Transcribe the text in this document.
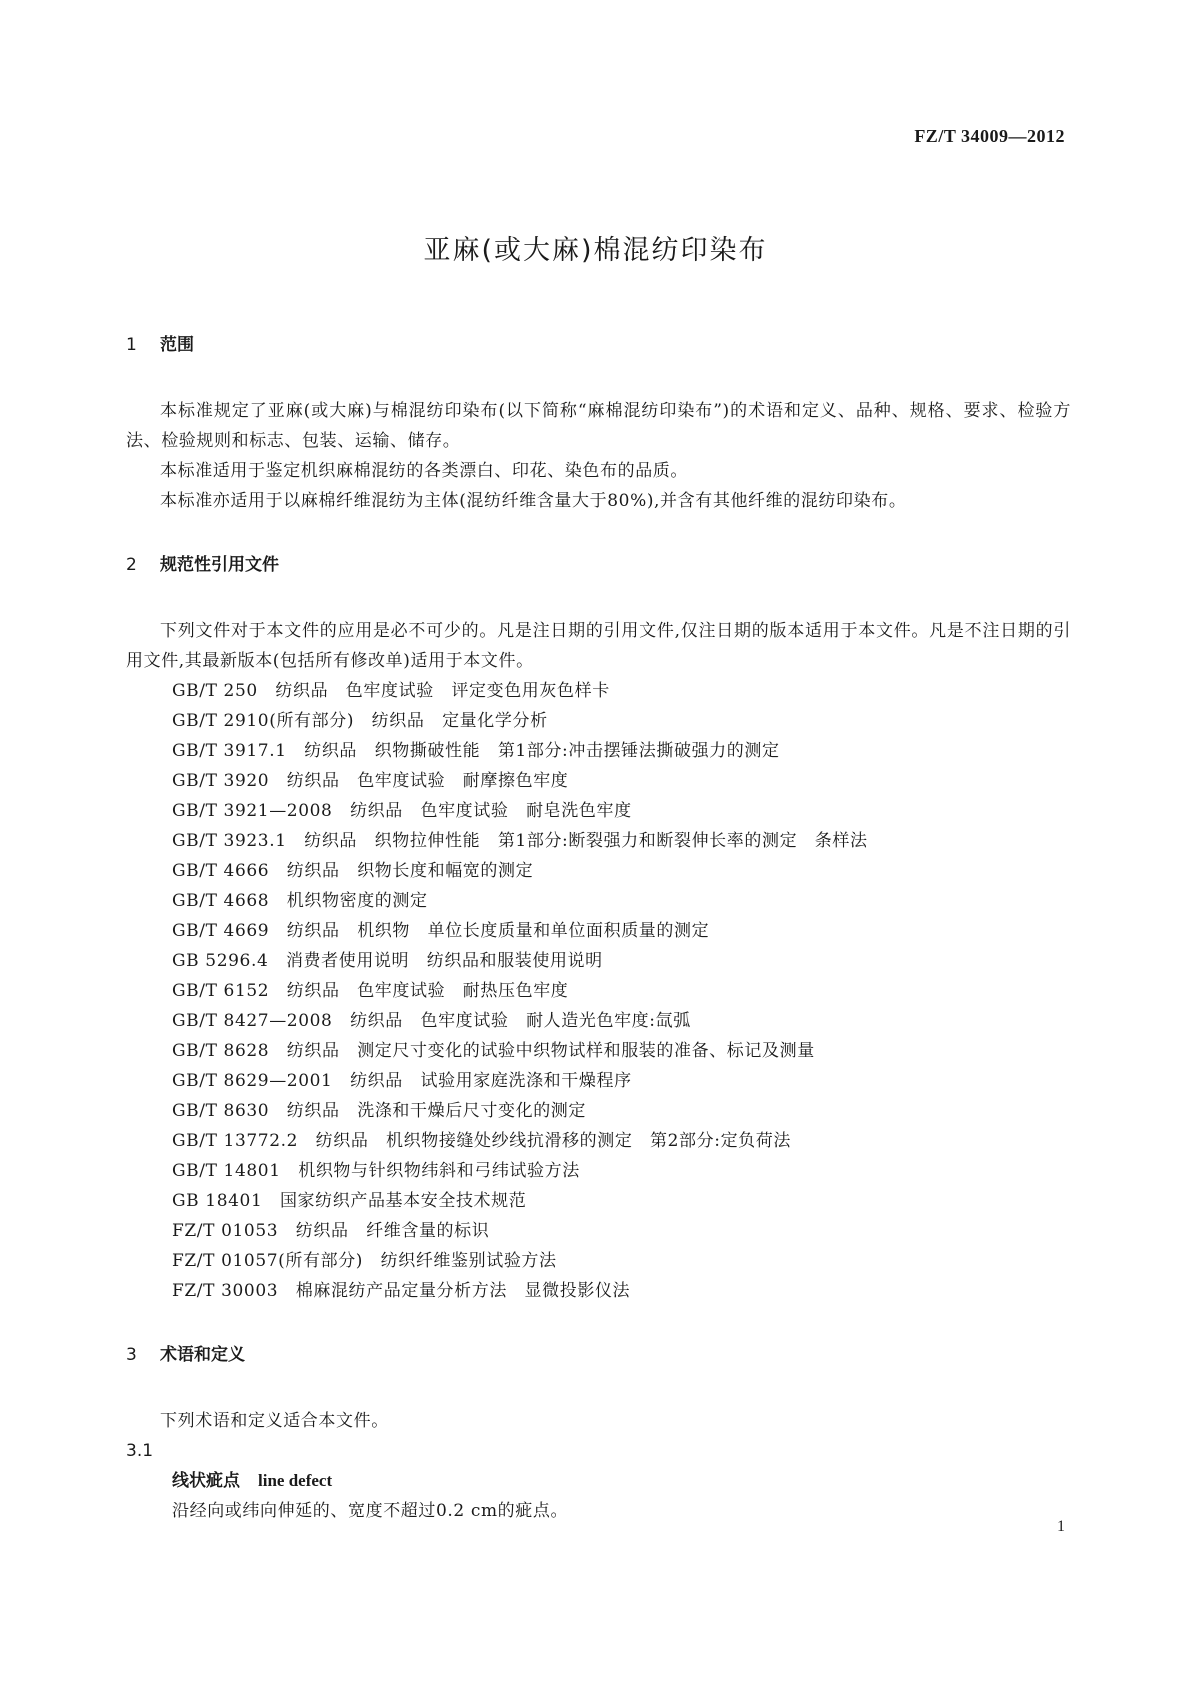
FZ/T 34009—2012
亚麻(或大麻)棉混纺印染布
1 范围

本标准规定了亚麻(或大麻)与棉混纺印染布(以下简称“麻棉混纺印染布”)的术语和定义、品种、规格、要求、检验方法、检验规则和标志、包装、运输、储存。

本标准适用于鉴定机织麻棉混纺的各类漂白、印花、染色布的品质。

本标准亦适用于以麻棉纤维混纺为主体(混纺纤维含量大于80%),并含有其他纤维的混纺印染布。

2 规范性引用文件

下列文件对于本文件的应用是必不可少的。凡是注日期的引用文件,仅注日期的版本适用于本文件。凡是不注日期的引用文件,其最新版本(包括所有修改单)适用于本文件。

GB/T 250　纺织品　色牢度试验　评定变色用灰色样卡
GB/T 2910(所有部分)　纺织品　定量化学分析
GB/T 3917.1　纺织品　织物撕破性能　第1部分:冲击摆锤法撕破强力的测定
GB/T 3920　纺织品　色牢度试验　耐摩擦色牢度
GB/T 3921—2008　纺织品　色牢度试验　耐皂洗色牢度
GB/T 3923.1　纺织品　织物拉伸性能　第1部分:断裂强力和断裂伸长率的测定　条样法
GB/T 4666　纺织品　织物长度和幅宽的测定
GB/T 4668　机织物密度的测定
GB/T 4669　纺织品　机织物　单位长度质量和单位面积质量的测定
GB 5296.4　消费者使用说明　纺织品和服装使用说明
GB/T 6152　纺织品　色牢度试验　耐热压色牢度
GB/T 8427—2008　纺织品　色牢度试验　耐人造光色牢度:氙弧
GB/T 8628　纺织品　测定尺寸变化的试验中织物试样和服装的准备、标记及测量
GB/T 8629—2001　纺织品　试验用家庭洗涤和干燥程序
GB/T 8630　纺织品　洗涤和干燥后尺寸变化的测定
GB/T 13772.2　纺织品　机织物接缝处纱线抗滑移的测定　第2部分:定负荷法
GB/T 14801　机织物与针织物纬斜和弓纬试验方法
GB 18401　国家纺织产品基本安全技术规范
FZ/T 01053　纺织品　纤维含量的标识
FZ/T 01057(所有部分)　纺织纤维鉴别试验方法
FZ/T 30003　棉麻混纺产品定量分析方法　显微投影仪法
3 术语和定义

下列术语和定义适合本文件。

3.1
线状疵点 line defect
沿经向或纬向伸延的、宽度不超过0.2 cm的疵点。
1
